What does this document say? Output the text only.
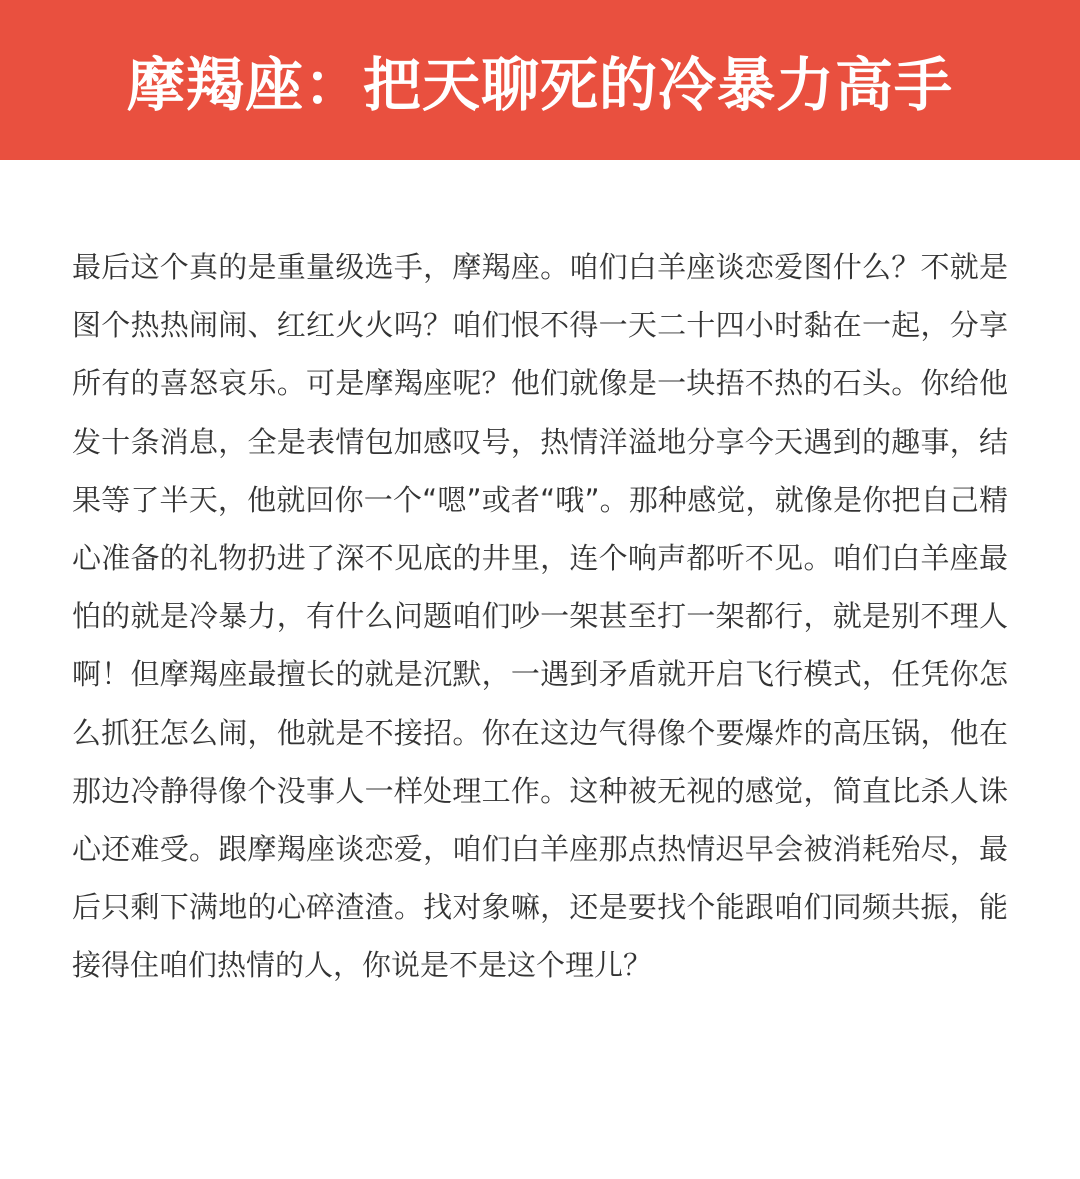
摩羯座：把天聊死的冷暴力高手

最后这个真的是重量级选手，摩羯座。咱们白羊座谈恋爱图什么？不就是图个热热闹闹、红红火火吗？咱们恨不得一天二十四小时黏在一起，分享所有的喜怒哀乐。可是摩羯座呢？他们就像是一块捂不热的石头。你给他发十条消息，全是表情包加感叹号，热情洋溢地分享今天遇到的趣事，结果等了半天，他就回你一个“嗯”或者“哦”。那种感觉，就像是你把自己精心准备的礼物扔进了深不见底的井里，连个响声都听不见。咱们白羊座最怕的就是冷暴力，有什么问题咱们吵一架甚至打一架都行，就是别不理人啊！但摩羯座最擅长的就是沉默，一遇到矛盾就开启飞行模式，任凭你怎么抓狂怎么闹，他就是不接招。你在这边气得像个要爆炸的高压锅，他在那边冷静得像个没事人一样处理工作。这种被无视的感觉，简直比杀人诛心还难受。跟摩羯座谈恋爱，咱们白羊座那点热情迟早会被消耗殆尽，最后只剩下满地的心碎渣渣。找对象嘛，还是要找个能跟咱们同频共振，能接得住咱们热情的人，你说是不是这个理儿？
